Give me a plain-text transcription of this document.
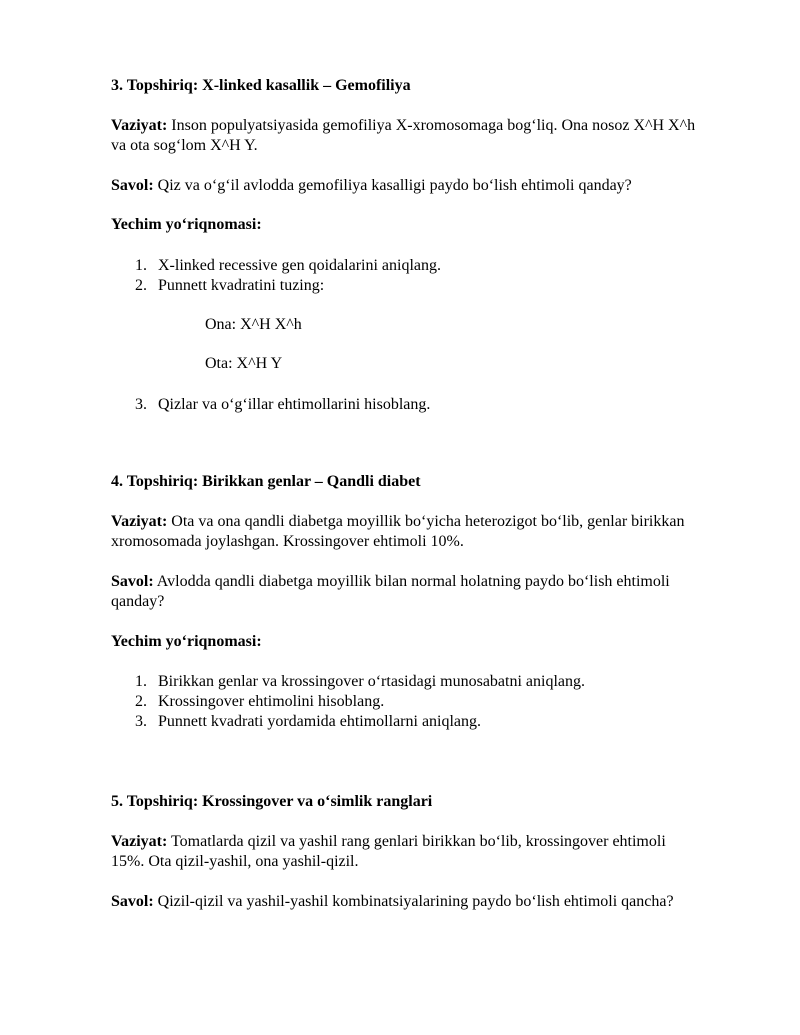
3. Topshiriq: X-linked kasallik – Gemofiliya

Vaziyat: Inson populyatsiyasida gemofiliya X-xromosomaga bog‘liq. Ona nosoz X^H X^h va ota sog‘lom X^H Y.

Savol: Qiz va o‘g‘il avlodda gemofiliya kasalligi paydo bo‘lish ehtimoli qanday?

Yechim yo‘riqnomasi:

1. X-linked recessive gen qoidalarini aniqlang.
2. Punnett kvadratini tuzing:

Ona: X^H X^h

Ota: X^H Y

3. Qizlar va o‘g‘illar ehtimollarini hisoblang.
4. Topshiriq: Birikkan genlar – Qandli diabet

Vaziyat: Ota va ona qandli diabetga moyillik bo‘yicha heterozigot bo‘lib, genlar birikkan xromosomada joylashgan. Krossingover ehtimoli 10%.

Savol: Avlodda qandli diabetga moyillik bilan normal holatning paydo bo‘lish ehtimoli qanday?

Yechim yo‘riqnomasi:

1. Birikkan genlar va krossingover o‘rtasidagi munosabatni aniqlang.
2. Krossingover ehtimolini hisoblang.
3. Punnett kvadrati yordamida ehtimollarni aniqlang.
5. Topshiriq: Krossingover va o‘simlik ranglari

Vaziyat: Tomatlarda qizil va yashil rang genlari birikkan bo‘lib, krossingover ehtimoli 15%. Ota qizil-yashil, ona yashil-qizil.

Savol: Qizil-qizil va yashil-yashil kombinatsiyalarining paydo bo‘lish ehtimoli qancha?
